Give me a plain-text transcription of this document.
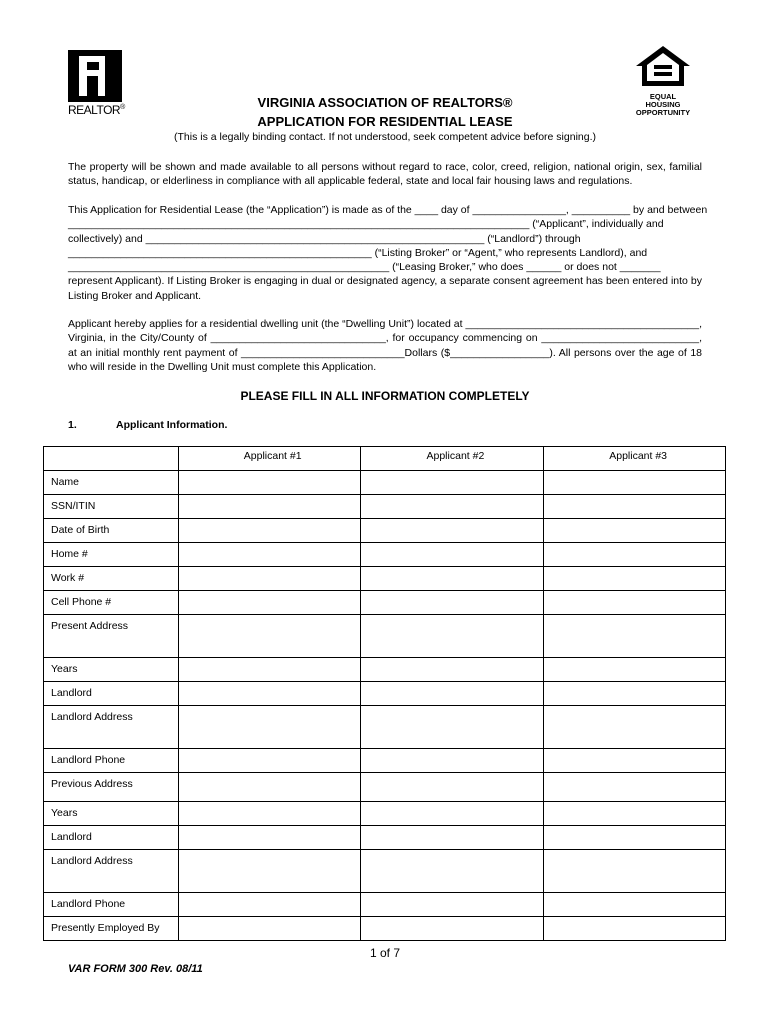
REALTOR®
EQUAL HOUSING
OPPORTUNITY
VIRGINIA ASSOCIATION OF REALTORS®
APPLICATION FOR RESIDENTIAL LEASE
(This is a legally binding contact. If not understood, seek competent advice before signing.)
The property will be shown and made available to all persons without regard to race, color, creed, religion, national origin, sex, familial status, handicap, or elderliness in compliance with all applicable federal, state and local fair housing laws and regulations.
This Application for Residential Lease (the “Application”) is made as of the ____ day of ________________, __________ by and between
_______________________________________________________________________________ (“Applicant”, individually and
collectively) and __________________________________________________________ (“Landlord”) through
____________________________________________________ (“Listing Broker” or “Agent,” who represents Landlord), and
_______________________________________________________ (“Leasing Broker,” who does ______ or does not _______
represent Applicant). If Listing Broker is engaging in dual or designated agency, a separate consent agreement has been entered into by Listing Broker and Applicant.
Applicant hereby applies for a residential dwelling unit (the “Dwelling Unit”) located at ________________________________________, Virginia, in the City/County of ______________________________, for occupancy commencing on ___________________________, at an initial monthly rent payment of ____________________________Dollars ($_________________). All persons over the age of 18 who will reside in the Dwelling Unit must complete this Application.
PLEASE FILL IN ALL INFORMATION COMPLETELY
1.	Applicant Information.
	Applicant #1	Applicant #2	Applicant #3
Name			
SSN/ITIN			
Date of Birth			
Home #			
Work #			
Cell Phone #			
Present Address			
Years			
Landlord			
Landlord Address			
Landlord Phone			
Previous Address			
Years			
Landlord			
Landlord Address			
Landlord Phone			
Presently Employed By			
1 of 7
VAR FORM 300 Rev. 08/11
